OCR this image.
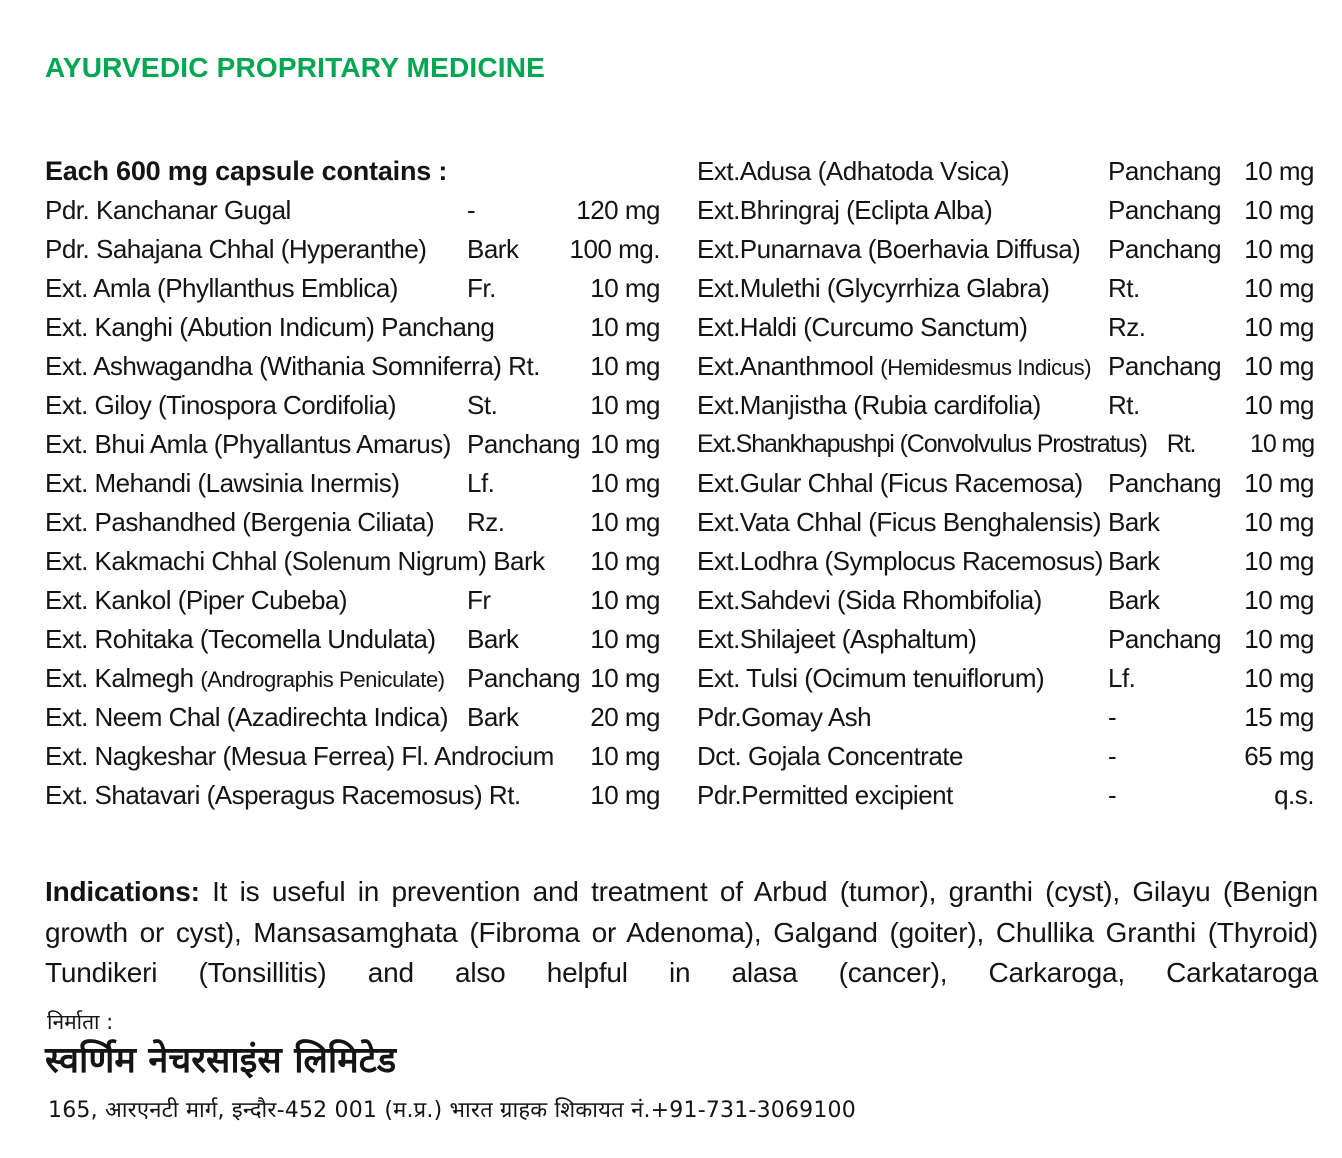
AYURVEDIC PROPRITARY MEDICINE
Each 600 mg capsule contains :
Pdr. Kanchanar Gugal	-	120 mg
Pdr. Sahajana Chhal (Hyperanthe) Bark 100 mg.
Ext. Amla (Phyllanthus Emblica)	Fr.	10 mg
Ext. Kanghi (Abution Indicum) Panchang	10 mg
Ext. Ashwagandha (Withania Somniferra) Rt. 10 mg
Ext. Giloy (Tinospora Cordifolia)	St.	10 mg
Ext. Bhui Amla (Phyallantus Amarus) Panchang 10 mg
Ext. Mehandi (Lawsinia Inermis)	Lf.	10 mg
Ext. Pashandhed (Bergenia Ciliata) Rz.	10 mg
Ext. Kakmachi Chhal (Solenum Nigrum) Bark 10 mg
Ext. Kankol (Piper Cubeba)	Fr	10 mg
Ext. Rohitaka (Tecomella Undulata) Bark	10 mg
Ext. Kalmegh (Andrographis Peniculate) Panchang 10 mg
Ext. Neem Chal (Azadirechta Indica) Bark	20 mg
Ext. Nagkeshar (Mesua Ferrea) Fl. Androcium 10 mg
Ext. Shatavari (Asperagus Racemosus) Rt.	10 mg
Ext.Adusa (Adhatoda Vsica)	Panchang 10 mg
Ext.Bhringraj (Eclipta Alba)	Panchang 10 mg
Ext.Punarnava (Boerhavia Diffusa) Panchang 10 mg
Ext.Mulethi (Glycyrrhiza Glabra) Rt.	10 mg
Ext.Haldi (Curcumo Sanctum)	Rz.	10 mg
Ext.Ananthmool (Hemidesmus Indicus) Panchang 10 mg
Ext.Manjistha (Rubia cardifolia)	Rt.	10 mg
Ext.Shankhapushpi (Convolvulus Prostratus) Rt. 10 mg
Ext.Gular Chhal (Ficus Racemosa) Panchang 10 mg
Ext.Vata Chhal (Ficus Benghalensis) Bark	10 mg
Ext.Lodhra (Symplocus Racemosus) Bark	10 mg
Ext.Sahdevi (Sida Rhombifolia)	Bark	10 mg
Ext.Shilajeet (Asphaltum)	Panchang 10 mg
Ext. Tulsi (Ocimum tenuiflorum) Lf.	10 mg
Pdr.Gomay Ash	-	15 mg
Dct. Gojala Concentrate	-	65 mg
Pdr.Permitted excipient	-	q.s.

Indications: It is useful in prevention and treatment of Arbud (tumor), granthi (cyst), Gilayu (Benign growth or cyst), Mansasamghata (Fibroma or Adenoma), Galgand (goiter), Chullika Granthi (Thyroid) Tundikeri (Tonsillitis) and also helpful in alasa (cancer), Carkaroga, Carkataroga

निर्माता :
स्वर्णिम नेचरसाइंस लिमिटेड
165, आरएनटी मार्ग, इन्दौर-452 001 (म.प्र.) भारत ग्राहक शिकायत नं.+91-731-3069100
